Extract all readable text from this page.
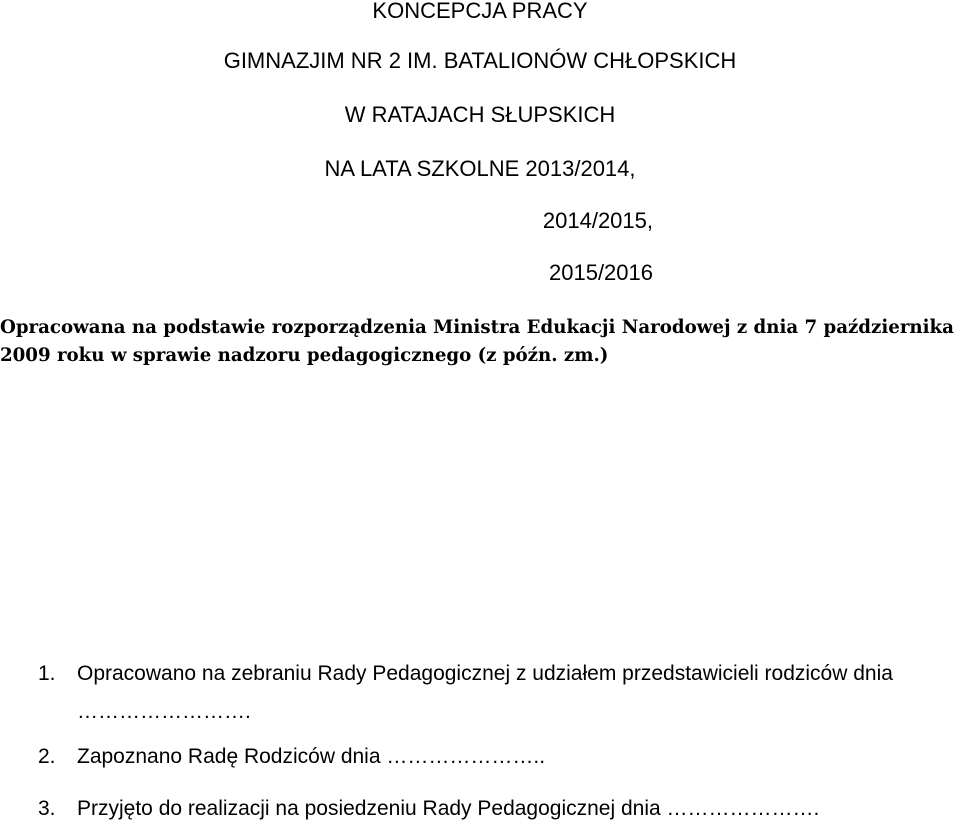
KONCEPCJA PRACY
GIMNAZJIM NR 2 IM. BATALIONÓW CHŁOPSKICH
W RATAJACH SŁUPSKICH
NA LATA SZKOLNE 2013/2014,
2014/2015,
2015/2016
Opracowana na podstawie rozporządzenia Ministra Edukacji Narodowej z dnia 7 października
2009 roku w sprawie nadzoru pedagogicznego (z późn. zm.)
1. Opracowano na zebraniu Rady Pedagogicznej z udziałem przedstawicieli rodziców dnia
…………………….
2. Zapoznano Radę Rodziców dnia …………………..
3. Przyjęto do realizacji na posiedzeniu Rady Pedagogicznej dnia ………………….
